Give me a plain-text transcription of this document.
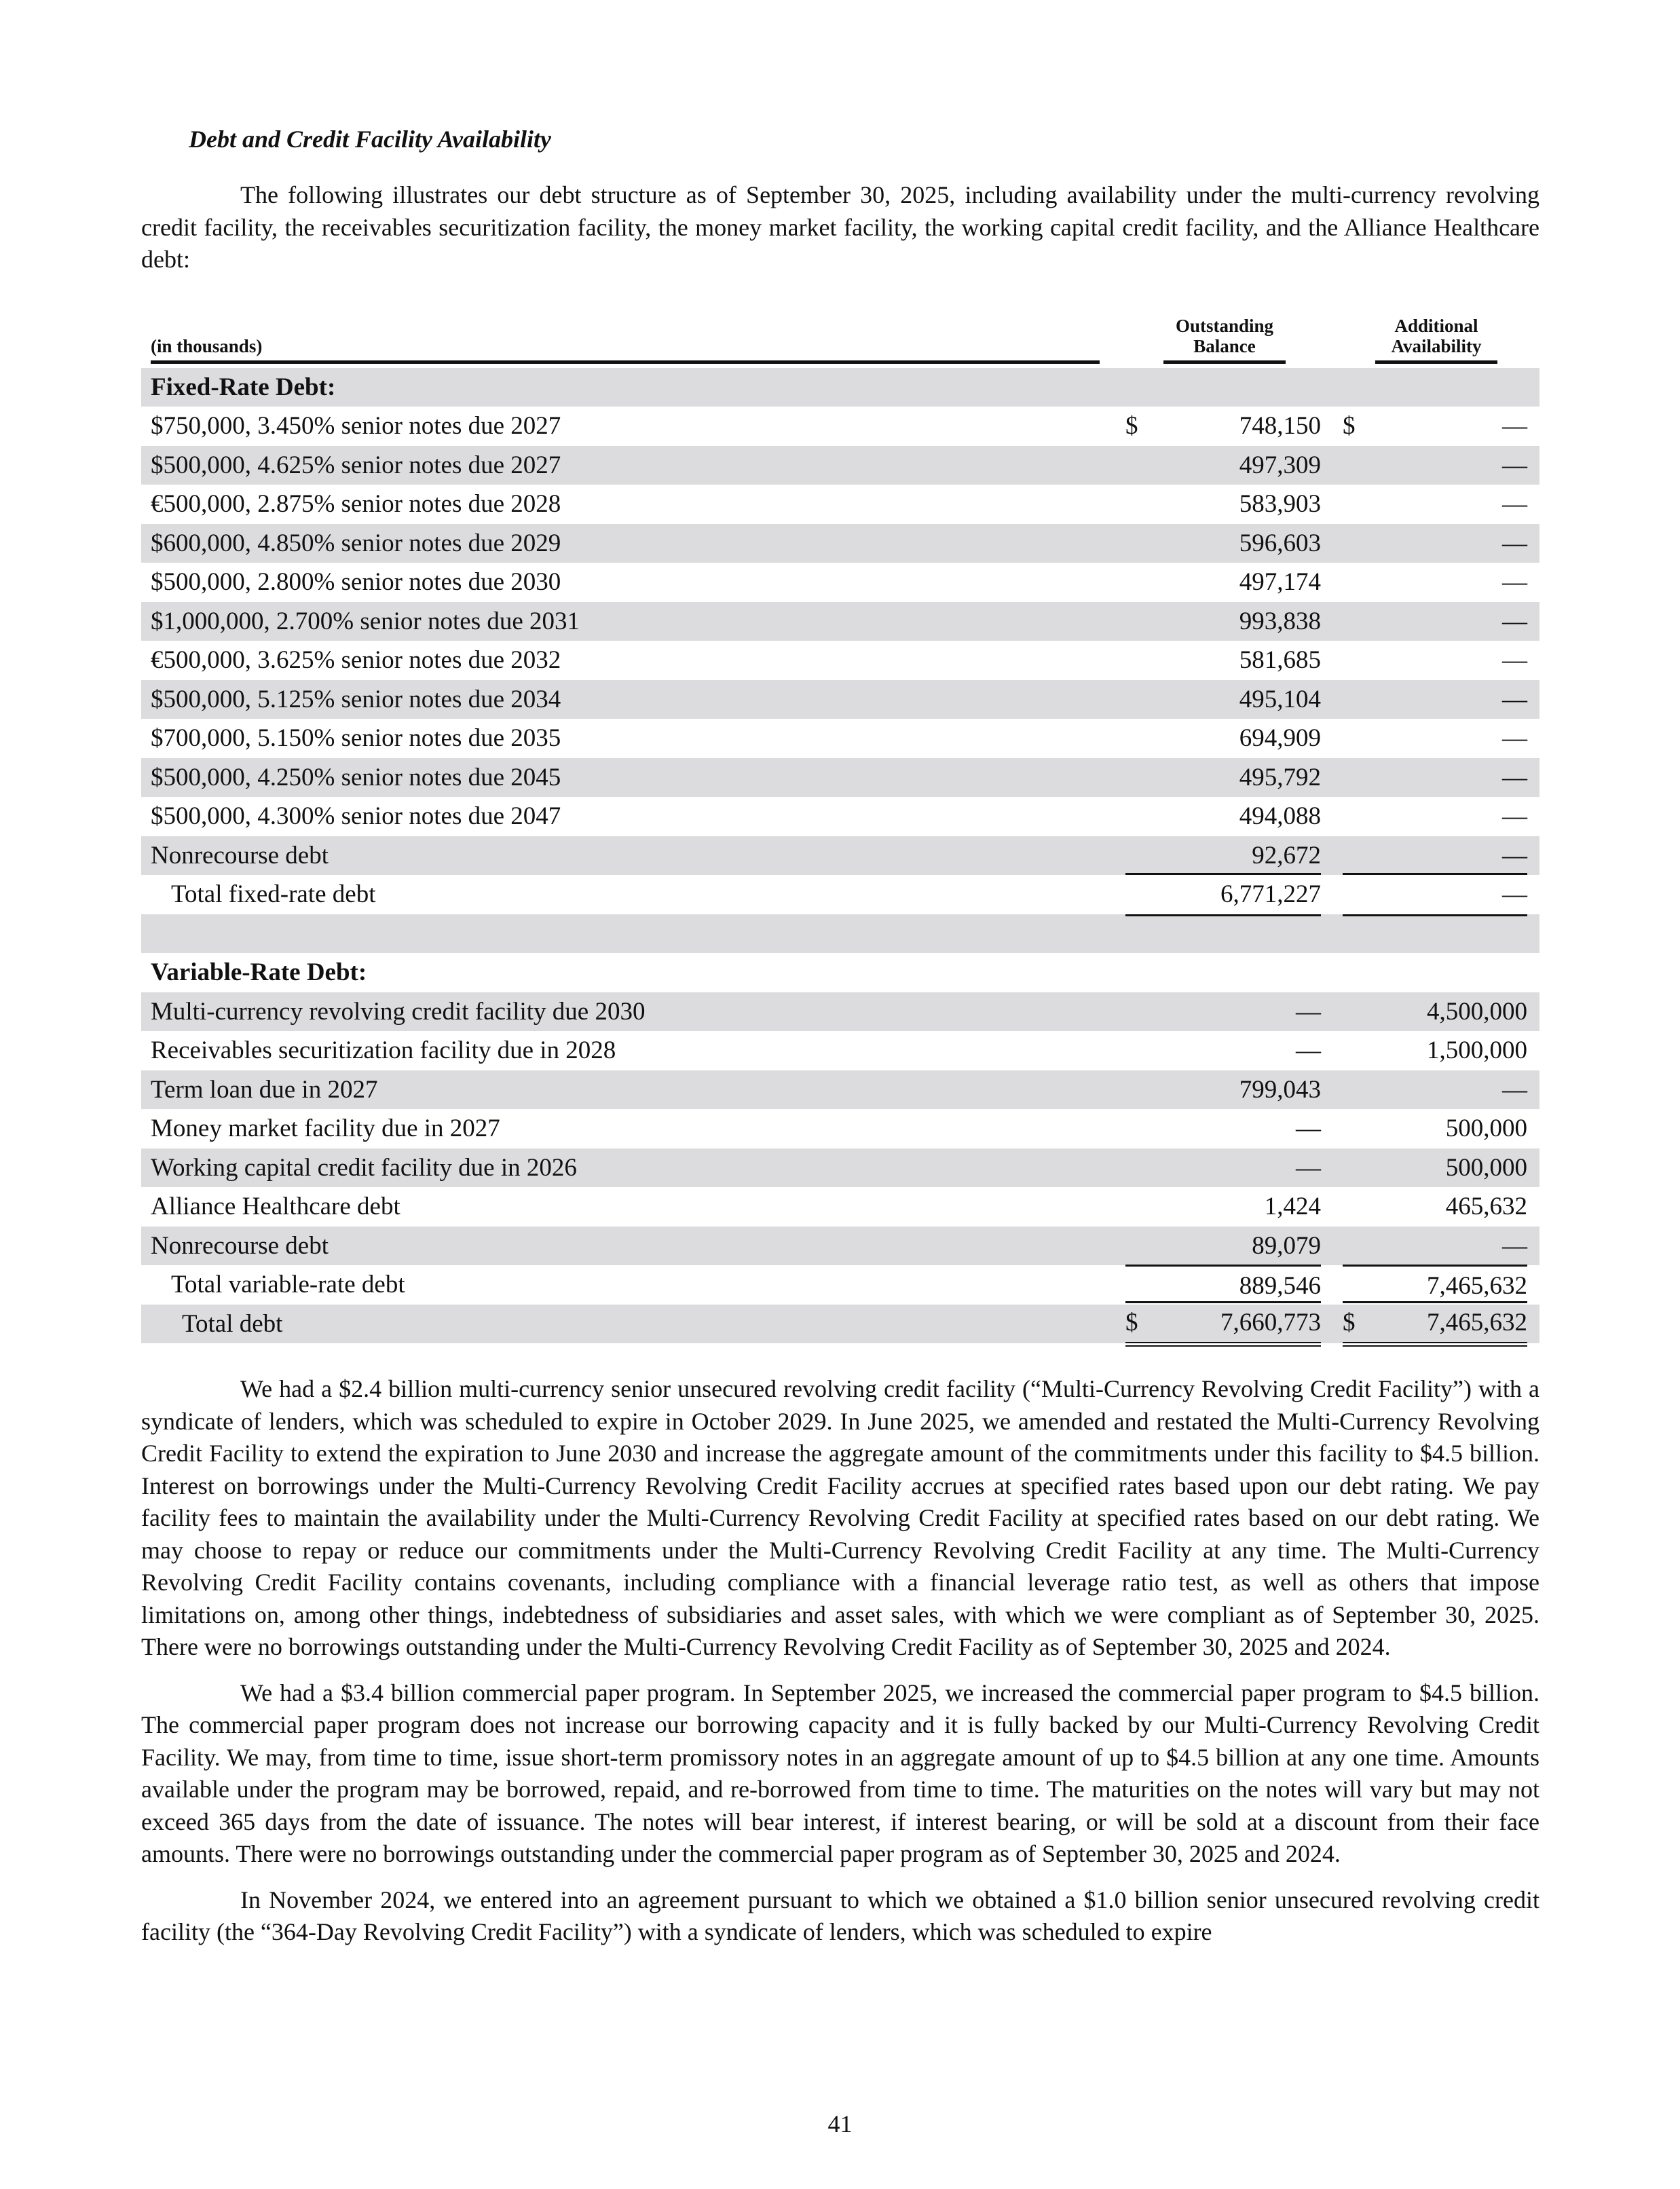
Debt and Credit Facility Availability

The following illustrates our debt structure as of September 30, 2025, including availability under the multi-currency revolving credit facility, the receivables securitization facility, the money market facility, the working capital credit facility, and the Alliance Healthcare debt:

(in thousands)	Outstanding Balance	Additional Availability

Fixed-Rate Debt:		
$750,000, 3.450% senior notes due 2027	$ 748,150	$ —

$500,000, 4.625% senior notes due 2027	497,309	—

€500,000, 2.875% senior notes due 2028	583,903	—

$600,000, 4.850% senior notes due 2029	596,603	—

$500,000, 2.800% senior notes due 2030	497,174	—

$1,000,000, 2.700% senior notes due 2031	993,838	—

€500,000, 3.625% senior notes due 2032	581,685	—

$500,000, 5.125% senior notes due 2034	495,104	—

$700,000, 5.150% senior notes due 2035	694,909	—

$500,000, 4.250% senior notes due 2045	495,792	—

$500,000, 4.300% senior notes due 2047	494,088	—

Nonrecourse debt	92,672	—

Total fixed-rate debt	6,771,227	—

Variable-Rate Debt:		
Multi-currency revolving credit facility due 2030	—	4,500,000

Receivables securitization facility due in 2028	—	1,500,000

Term loan due in 2027	799,043	—

Money market facility due in 2027	—	500,000

Working capital credit facility due in 2026	—	500,000

Alliance Healthcare debt	1,424	465,632

Nonrecourse debt	89,079	—

Total variable-rate debt	889,546	7,465,632

Total debt	$ 7,660,773	$ 7,465,632

We had a $2.4 billion multi-currency senior unsecured revolving credit facility (“Multi-Currency Revolving Credit Facility”) with a syndicate of lenders, which was scheduled to expire in October 2029. In June 2025, we amended and restated the Multi-Currency Revolving Credit Facility to extend the expiration to June 2030 and increase the aggregate amount of the commitments under this facility to $4.5 billion. Interest on borrowings under the Multi-Currency Revolving Credit Facility accrues at specified rates based upon our debt rating. We pay facility fees to maintain the availability under the Multi-Currency Revolving Credit Facility at specified rates based on our debt rating. We may choose to repay or reduce our commitments under the Multi-Currency Revolving Credit Facility at any time. The Multi-Currency Revolving Credit Facility contains covenants, including compliance with a financial leverage ratio test, as well as others that impose limitations on, among other things, indebtedness of subsidiaries and asset sales, with which we were compliant as of September 30, 2025. There were no borrowings outstanding under the Multi-Currency Revolving Credit Facility as of September 30, 2025 and 2024.

We had a $3.4 billion commercial paper program. In September 2025, we increased the commercial paper program to $4.5 billion. The commercial paper program does not increase our borrowing capacity and it is fully backed by our Multi-Currency Revolving Credit Facility. We may, from time to time, issue short-term promissory notes in an aggregate amount of up to $4.5 billion at any one time. Amounts available under the program may be borrowed, repaid, and re-borrowed from time to time. The maturities on the notes will vary but may not exceed 365 days from the date of issuance. The notes will bear interest, if interest bearing, or will be sold at a discount from their face amounts. There were no borrowings outstanding under the commercial paper program as of September 30, 2025 and 2024.

In November 2024, we entered into an agreement pursuant to which we obtained a $1.0 billion senior unsecured revolving credit facility (the “364-Day Revolving Credit Facility”) with a syndicate of lenders, which was scheduled to expire

41
